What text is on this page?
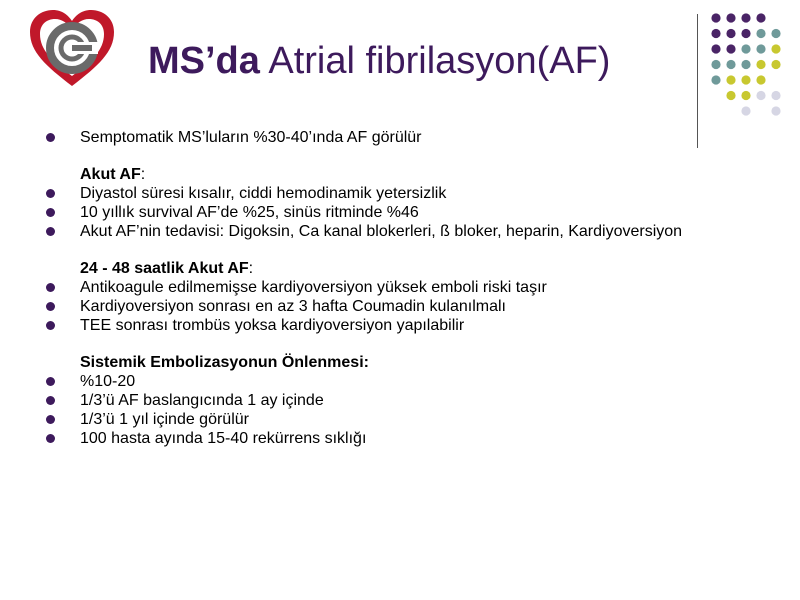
MS’da Atrial fibrilasyon(AF)
Semptomatik MS’luların %30-40’ında AF görülür
Akut AF:
Diyastol süresi kısalır, ciddi hemodinamik yetersizlik
10 yıllık survival AF’de %25, sinüs ritminde %46
Akut AF’nin tedavisi: Digoksin, Ca kanal blokerleri, ß bloker, heparin, Kardiyoversiyon
24 - 48 saatlik Akut AF:
Antikoagule edilmemişse kardiyoversiyon yüksek emboli riski taşır
Kardiyoversiyon sonrası en az 3 hafta Coumadin kulanılmalı
TEE sonrası trombüs yoksa kardiyoversiyon yapılabilir
Sistemik Embolizasyonun Önlenmesi:
%10-20
1/3’ü AF baslangıcında 1 ay içinde
1/3’ü 1 yıl içinde görülür
100 hasta ayında 15-40 rekürrens sıklığı
